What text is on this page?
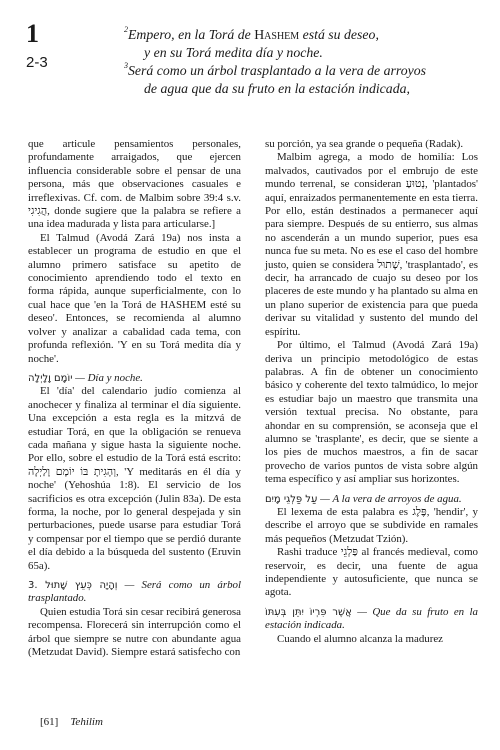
1
2-3

$^2$Empero, en la Torá de Hashem está su deseo,

y en su Torá medita día y noche.

$^3$Será como un árbol trasplantado a la vera de arroyos

de agua que da su fruto en la estación indicada,

que articule pensamientos personales, profundamente arraigados, que ejercen influencia considerable sobre el pensar de una persona, más que observaciones casuales e irreflexivas. Cf. com. de Malbim sobre 39:4 s.v. הֲגִיגִי, donde sugiere que la palabra se refiere a una idea madurada y lista para articularse.]

El Talmud (Avodá Zará 19a) nos insta a establecer un programa de estudio en que el alumno primero satisface su apetito de conocimiento aprendiendo todo el texto en forma rápida, aunque superficialmente, con lo cual hace que 'en la Torá de HASHEM esté su deseo'. Entonces, se recomienda al alumno volver y analizar a cabalidad cada tema, con profunda reflexión. 'Y en su Torá medita día y noche'.

יוֹמָם וָלָיְלָה — Día y noche.

El 'día' del calendario judío comienza al anochecer y finaliza al terminar el día siguiente. Una excepción a esta regla es la mitzvá de estudiar Torá, en que la obligación se renueva cada mañana y sigue hasta la siguiente noche. Por ello, sobre el estudio de la Torá está escrito: וְהָגִיתָ בּוֹ יוֹמָם וָלַיְלָה, 'Y meditarás en él día y noche' (Yehoshúa 1:8). El servicio de los sacrificios es otra excepción (Julin 83a). De esta forma, la noche, por lo general despejada y sin perturbaciones, puede usarse para estudiar Torá y compensar por el tiempo que se perdió durante el día debido a la búsqueda del sustento (Eruvin 65a).

3. וְהָיָה כְּעֵץ שָׁתוּל — Será como un árbol trasplantado.

Quien estudia Torá sin cesar recibirá generosa recompensa. Florecerá sin interrupción como el árbol que siempre se nutre con abundante agua (Metzudat David). Siempre estará satisfecho con

su porción, ya sea grande o pequeña (Radak).

Malbim agrega, a modo de homilía: Los malvados, cautivados por el embrujo de este mundo terrenal, se consideran נְטוּעַ, 'plantados' aquí, enraizados permanentemente en esta tierra. Por ello, están destinados a permanecer aquí para siempre. Después de su entierro, sus almas no ascenderán a un mundo superior, pues esa nunca fue su meta. No es ese el caso del hombre justo, quien se considera שָׁתוּל, 'trasplantado', es decir, ha arrancado de cuajo su deseo por los placeres de este mundo y ha plantado su alma en un plano superior de existencia para que pueda derivar su vitalidad y sustento del mundo del espíritu.

Por último, el Talmud (Avodá Zará 19a) deriva un principio metodológico de estas palabras. A fin de obtener un conocimiento básico y coherente del texto talmúdico, lo mejor es estudiar bajo un maestro que transmita una versión textual precisa. No obstante, para ahondar en su comprensión, se aconseja que el alumno se 'trasplante', es decir, que se siente a los pies de muchos maestros, a fin de sacar provecho de varios puntos de vista sobre algún tema específico y así ampliar sus horizontes.

עַל פַּלְגֵי מָיִם — A la vera de arroyos de agua.

El lexema de esta palabra es פֶּלֶג, 'hendir', y describe el arroyo que se subdivide en ramales más pequeños (Metzudat Tzión).

Rashi traduce פַּלְגֵי al francés medieval, como reservoir, es decir, una fuente de agua independiente y autosuficiente, que nunca se agota.

אֲשֶׁר פִּרְיוֹ יִתֵּן בְּעִתּוֹ — Que da su fruto en la estación indicada.

Cuando el alumno alcanza la madurez

[61] Tehilim
